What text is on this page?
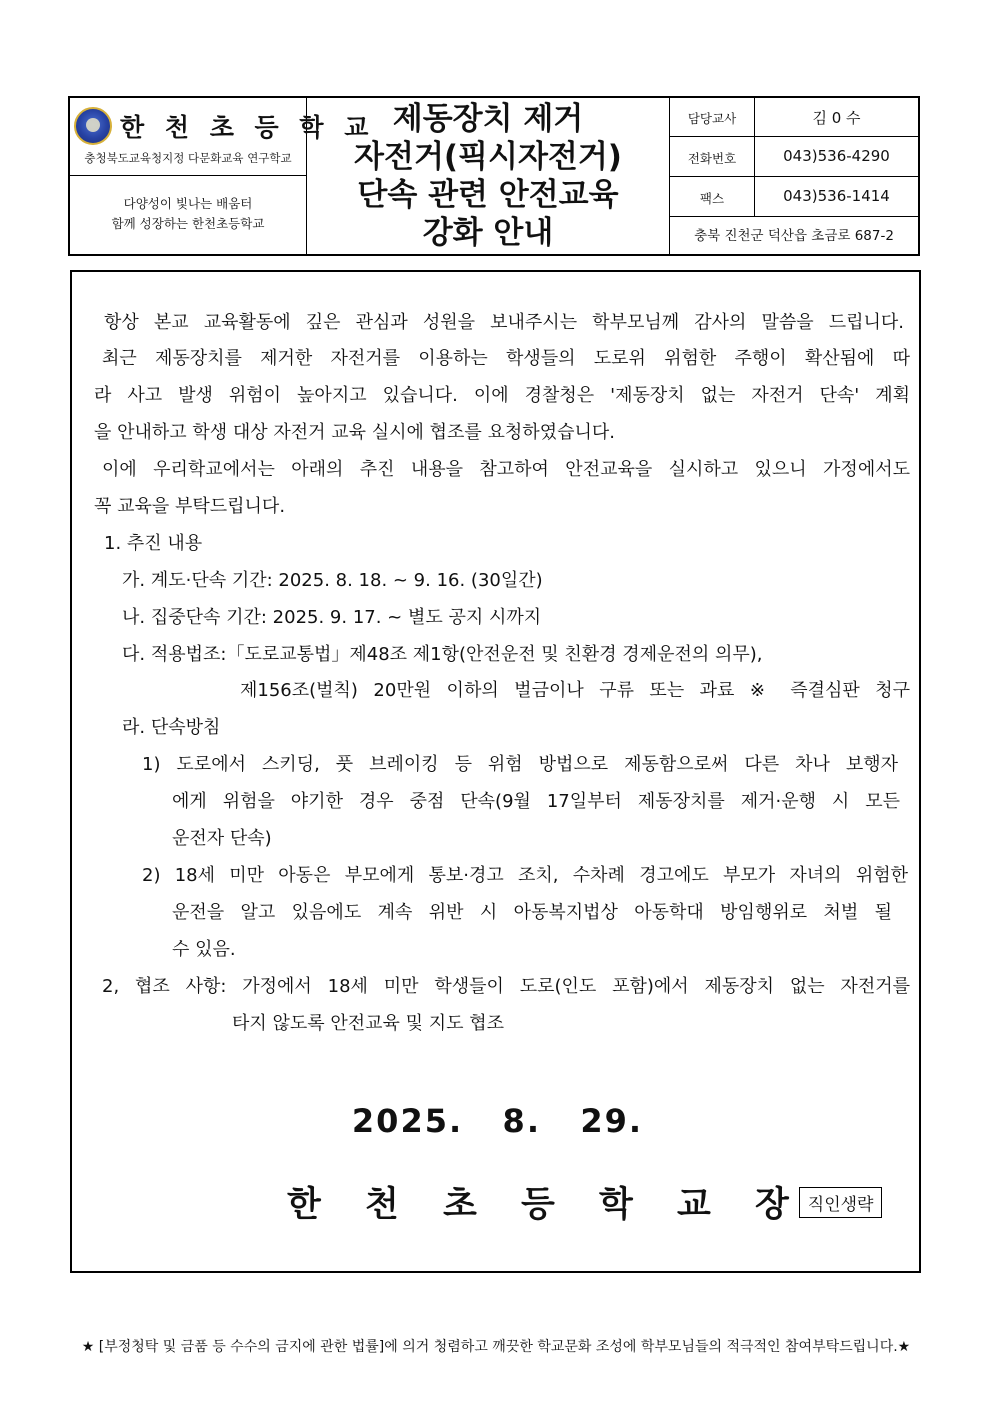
한 천 초 등 학 교
충청북도교육청지정 다문화교육 연구학교
다양성이 빛나는 배움터
함께 성장하는 한천초등학교
제동장치 제거
자전거(픽시자전거)
단속 관련 안전교육
강화 안내
담당교사	김 0 수
전화번호	043)536-4290
팩스	043)536-1414
충북 진천군 덕산읍 초금로 687-2
항상 본교 교육활동에 깊은 관심과 성원을 보내주시는 학부모님께 감사의 말씀을 드립니다.
최근 제동장치를 제거한 자전거를 이용하는 학생들의 도로위 위험한 주행이 확산됨에 따
라 사고 발생 위험이 높아지고 있습니다. 이에 경찰청은 '제동장치 없는 자전거 단속' 계획
을 안내하고 학생 대상 자전거 교육 실시에 협조를 요청하였습니다.
이에 우리학교에서는 아래의 추진 내용을 참고하여 안전교육을 실시하고 있으니 가정에서도
꼭 교육을 부탁드립니다.
1. 추진 내용
가. 계도·단속 기간: 2025. 8. 18. ~ 9. 16. (30일간)
나. 집중단속 기간: 2025. 9. 17. ~ 별도 공지 시까지
다. 적용법조:「도로교통법」제48조 제1항(안전운전 및 친환경 경제운전의 의무),
제156조(벌칙) 20만원 이하의 벌금이나 구류 또는 과료 ※ 즉결심판 청구
라. 단속방침
1) 도로에서 스키딩, 풋 브레이킹 등 위험 방법으로 제동함으로써 다른 차나 보행자
에게 위험을 야기한 경우 중점 단속(9월 17일부터 제동장치를 제거·운행 시 모든
운전자 단속)
2) 18세 미만 아동은 부모에게 통보·경고 조치, 수차례 경고에도 부모가 자녀의 위험한
운전을 알고 있음에도 계속 위반 시 아동복지법상 아동학대 방임행위로 처벌 될
수 있음.
2, 협조 사항: 가정에서 18세 미만 학생들이 도로(인도 포함)에서 제동장치 없는 자전거를
타지 않도록 안전교육 및 지도 협조
2025.   8.   29.
한 천 초 등 학 교 장 직인생략
★ [부정청탁 및 금품 등 수수의 금지에 관한 법률]에 의거 청렴하고 깨끗한 학교문화 조성에 학부모님들의 적극적인 참여부탁드립니다.★
